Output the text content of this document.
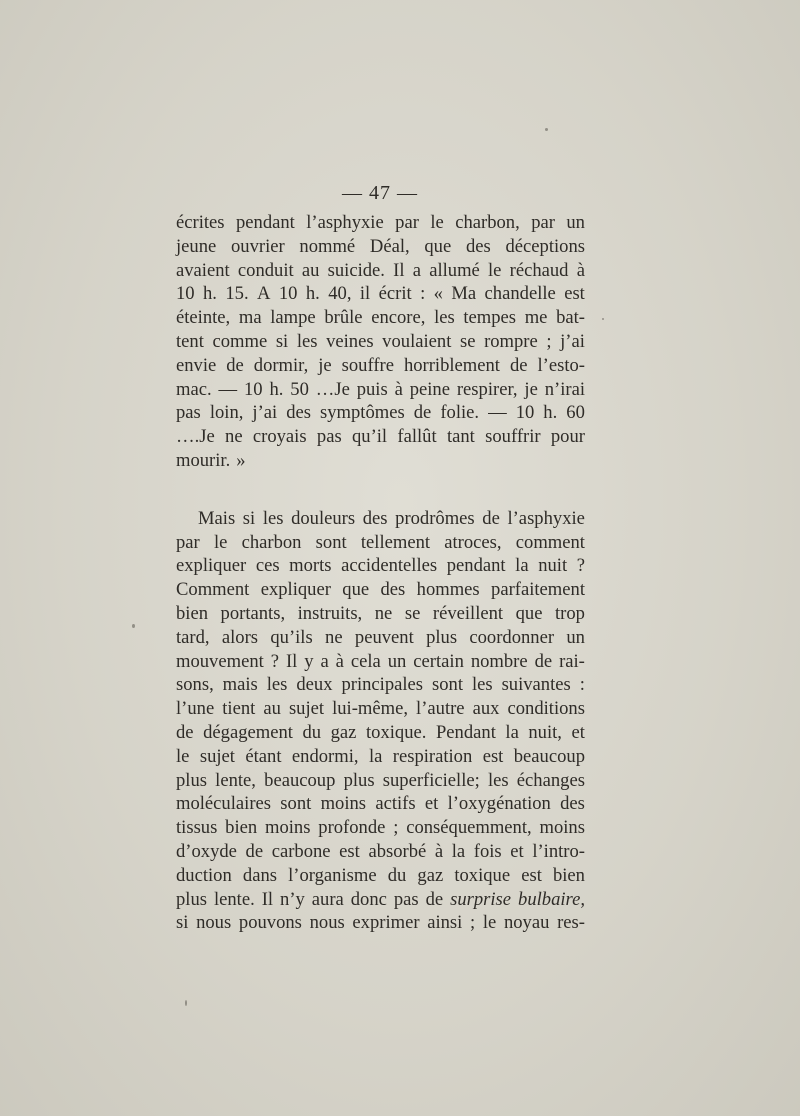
— 47 —
écrites pendant l’asphyxie par le charbon, par un
jeune ouvrier nommé Déal, que des déceptions
avaient conduit au suicide. Il a allumé le réchaud à
10 h. 15. A 10 h. 40, il écrit : « Ma chandelle est
éteinte, ma lampe brûle encore, les tempes me bat-
tent comme si les veines voulaient se rompre ; j’ai
envie de dormir, je souffre horriblement de l’esto-
mac. — 10 h. 50 …Je puis à peine respirer, je n’irai
pas loin, j’ai des symptômes de folie. — 10 h. 60
….Je ne croyais pas qu’il fallût tant souffrir pour
mourir. »
Mais si les douleurs des prodrômes de l’asphyxie
par le charbon sont tellement atroces, comment
expliquer ces morts accidentelles pendant la nuit ?
Comment expliquer que des hommes parfaitement
bien portants, instruits, ne se réveillent que trop
tard, alors qu’ils ne peuvent plus coordonner un
mouvement ? Il y a à cela un certain nombre de rai-
sons, mais les deux principales sont les suivantes :
l’une tient au sujet lui-même, l’autre aux conditions
de dégagement du gaz toxique. Pendant la nuit, et
le sujet étant endormi, la respiration est beaucoup
plus lente, beaucoup plus superficielle; les échanges
moléculaires sont moins actifs et l’oxygénation des
tissus bien moins profonde ; conséquemment, moins
d’oxyde de carbone est absorbé à la fois et l’intro-
duction dans l’organisme du gaz toxique est bien
plus lente. Il n’y aura donc pas de surprise bulbaire,
si nous pouvons nous exprimer ainsi ; le noyau res-
